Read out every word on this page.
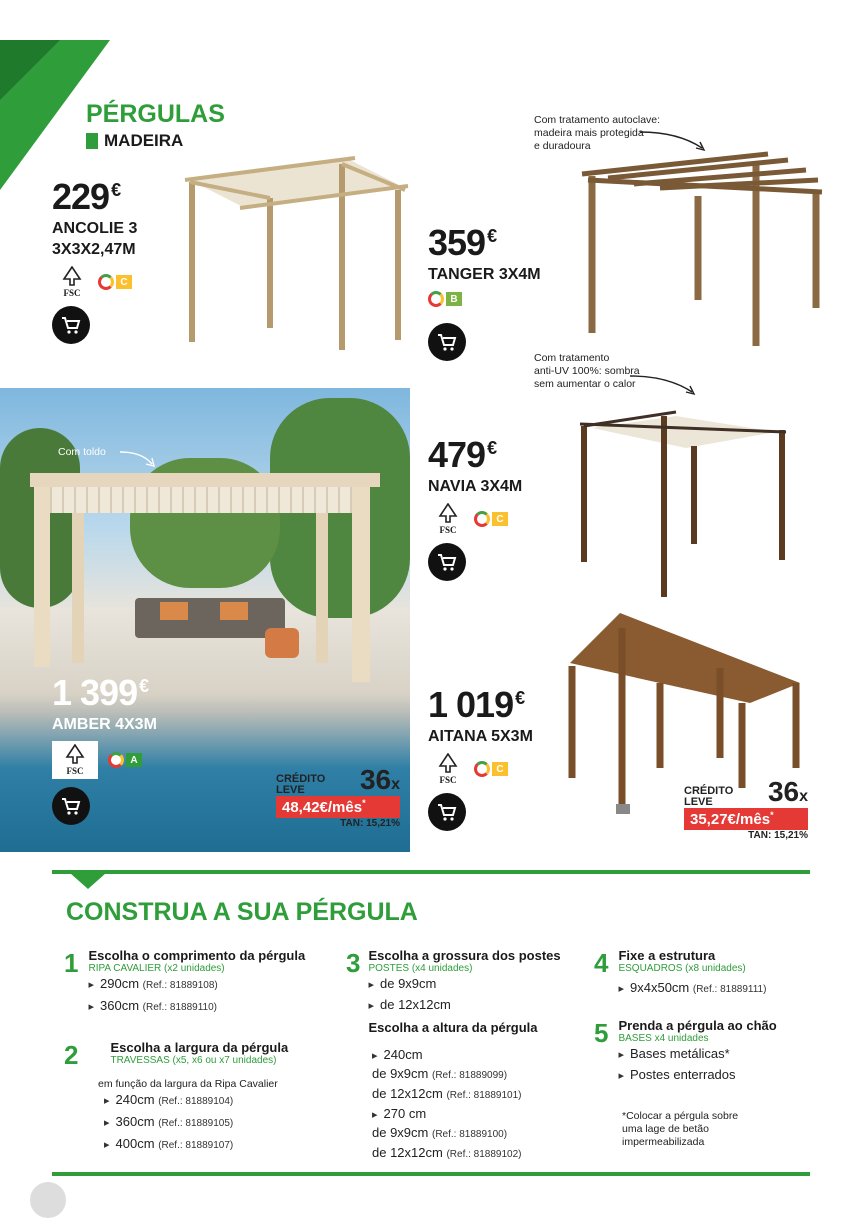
PÉRGULAS
MADEIRA
229 €
ANCOLIE 3
3X3X2,47M
FSC
C
Com tratamento autoclave:
madeira mais protegida
e duradoura
359 €
TANGER 3X4M
B
Com tratamento
anti-UV 100%: sombra
sem aumentar o calor
479 €
NAVIA 3X4M
FSC
C
Com toldo
1 399 €
AMBER 4X3M
FSC
A
CRÉDITO
LEVE	36x
48,42€/mês*
TAN: 15,21%
1 019 €
AITANA 5X3M
FSC
C
CRÉDITO
LEVE	36x
35,27€/mês*
TAN: 15,21%
CONSTRUA A SUA PÉRGULA
1 Escolha o comprimento da pérgula
RIPA CAVALIER (x2 unidades)
▸ 290cm (Ref.: 81889108)
▸ 360cm (Ref.: 81889110)
2 Escolha a largura da pérgula
TRAVESSAS (x5, x6 ou x7 unidades)
em função da largura da Ripa Cavalier
▸ 240cm (Ref.: 81889104)
▸ 360cm (Ref.: 81889105)
▸ 400cm (Ref.: 81889107)
3 Escolha a grossura dos postes
POSTES (x4 unidades)
▸ de 9x9cm
▸ de 12x12cm
Escolha a altura da pérgula
▸ 240cm
de 9x9cm (Ref.: 81889099)
de 12x12cm (Ref.: 81889101)
▸ 270 cm
de 9x9cm (Ref.: 81889100)
de 12x12cm (Ref.: 81889102)
4 Fixe a estrutura
ESQUADROS (x8 unidades)
▸ 9x4x50cm (Ref.: 81889111)
5 Prenda a pérgula ao chão
BASES x4 unidades
▸ Bases metálicas*
▸ Postes enterrados
*Colocar a pérgula sobre
uma lage de betão
impermeabilizada
